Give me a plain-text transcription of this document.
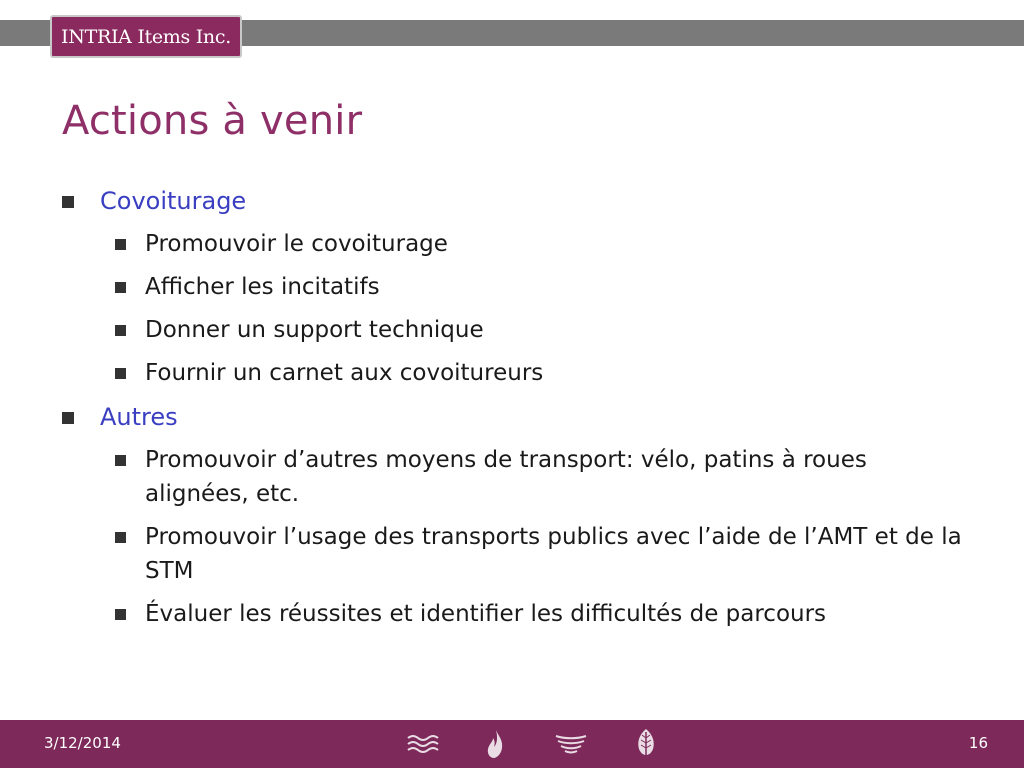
INTRIA Items Inc.
Actions à venir
Covoiturage
Promouvoir le covoiturage
Afficher les incitatifs
Donner un support technique
Fournir un carnet aux covoitureurs
Autres
Promouvoir d’autres moyens de transport: vélo, patins à roues alignées, etc.
Promouvoir l’usage des transports publics avec l’aide de l’AMT et de la STM
Évaluer les réussites et identifier les difficultés de parcours
3/12/2014	16
